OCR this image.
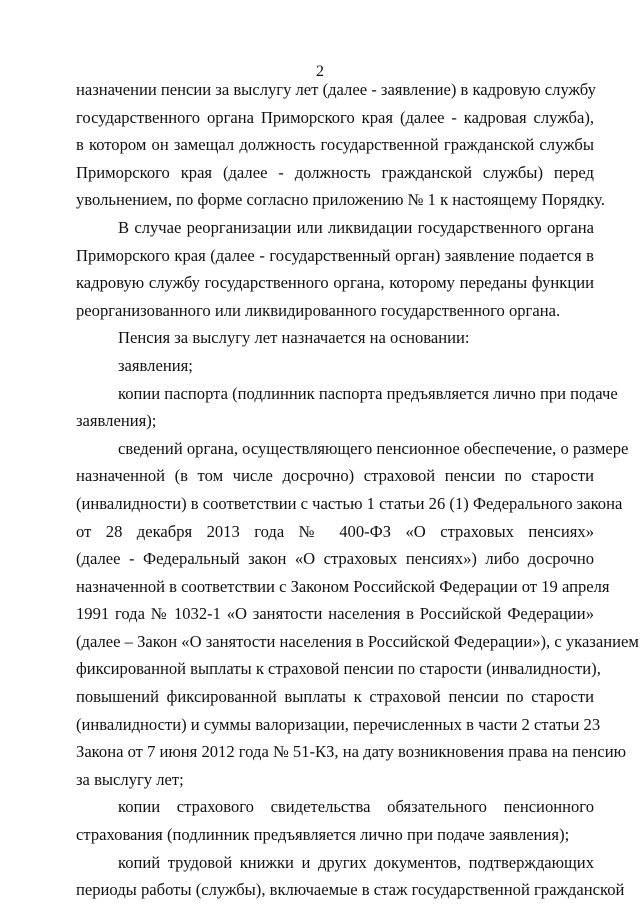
2
назначении пенсии за выслугу лет (далее - заявление) в кадровую службу
государственного органа Приморского края (далее - кадровая служба),
в котором он замещал должность государственной гражданской службы
Приморского края (далее - должность гражданской службы) перед
увольнением, по форме согласно приложению № 1 к настоящему Порядку.
В случае реорганизации или ликвидации государственного органа
Приморского края (далее - государственный орган) заявление подается в
кадровую службу государственного органа, которому переданы функции
реорганизованного или ликвидированного государственного органа.
Пенсия за выслугу лет назначается на основании:
заявления;
копии паспорта (подлинник паспорта предъявляется лично при подаче
заявления);
сведений органа, осуществляющего пенсионное обеспечение, о размере
назначенной (в том числе досрочно) страховой пенсии по старости
(инвалидности) в соответствии с частью 1 статьи 26 (1) Федерального закона
от 28 декабря 2013 года № 400-ФЗ «О страховых пенсиях»
(далее - Федеральный закон «О страховых пенсиях») либо досрочно
назначенной в соответствии с Законом Российской Федерации от 19 апреля
1991 года № 1032-1 «О занятости населения в Российской Федерации»
(далее – Закон «О занятости населения в Российской Федерации»), с указанием
фиксированной выплаты к страховой пенсии по старости (инвалидности),
повышений фиксированной выплаты к страховой пенсии по старости
(инвалидности) и суммы валоризации, перечисленных в части 2 статьи 23
Закона от 7 июня 2012 года № 51-КЗ, на дату возникновения права на пенсию
за выслугу лет;
копии страхового свидетельства обязательного пенсионного
страхования (подлинник предъявляется лично при подаче заявления);
копий трудовой книжки и других документов, подтверждающих
периоды работы (службы), включаемые в стаж государственной гражданской
